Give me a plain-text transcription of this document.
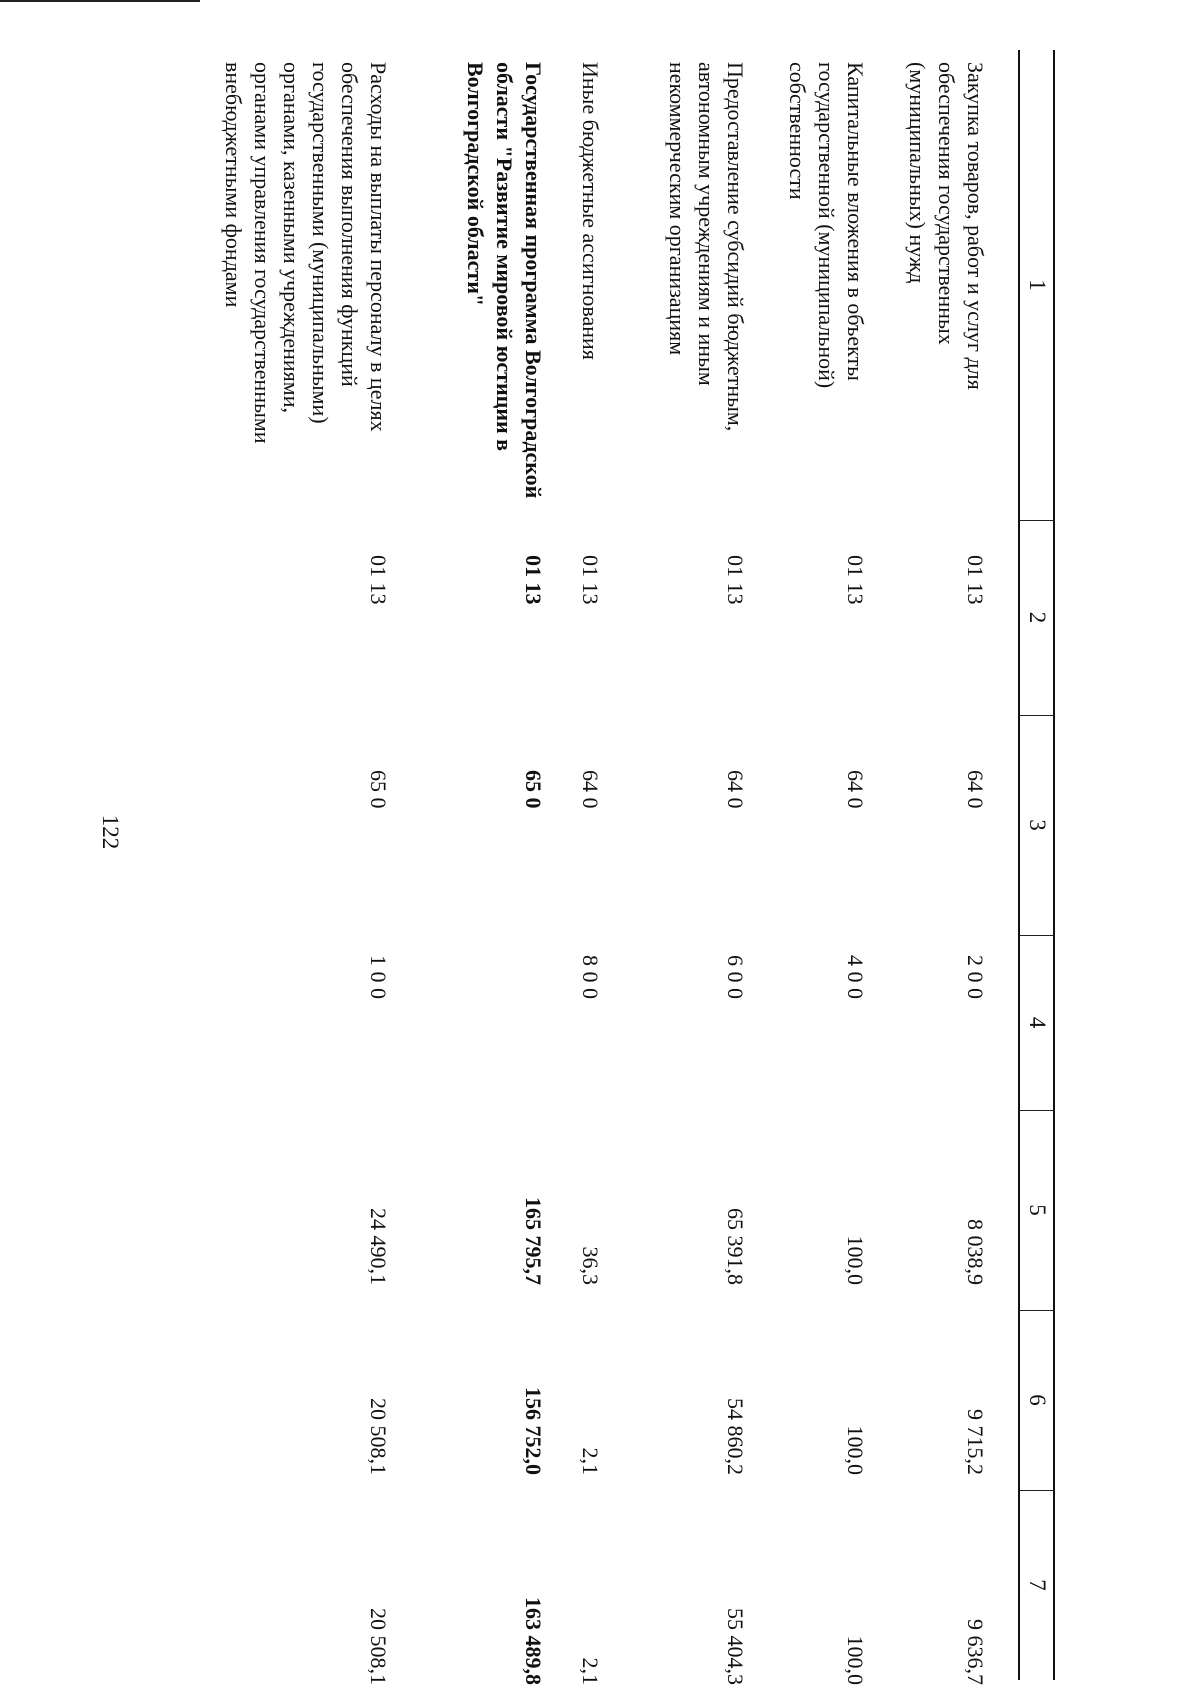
122
1
2
3
4
5
6
7
Закупка товаров, работ и услуг для обеспечения государственных (муниципальных) нужд
01 13
64 0
2 0 0
8 038,9
9 715,2
Капитальные вложения в объекты государственной (муниципальной) собственности
01 13
64 0
4 0 0
100,0
100,0
Предоставление субсидий бюджетным, автономным учреждениям и иным некоммерческим организациям
01 13
64 0
6 0 0
65 391,8
54 860,2
Иные бюджетные ассигнования
01 13
64 0
8 0 0
36,3
2,1
Государственная программа Волгоградской области "Развитие мировой юстиции в Волгоградской области"
01 13
65 0
165 795,7
156 752,0
Расходы на выплаты персоналу в целях обеспечения выполнения функций государственными (муниципальными) органами, казенными учреждениями, органами управления государственными внебюджетными фондами
01 13
65 0
1 0 0
24 490,1
20 508,1
9 636,7
100,0
55 404,3
2,1
163 489,8
20 508,1
